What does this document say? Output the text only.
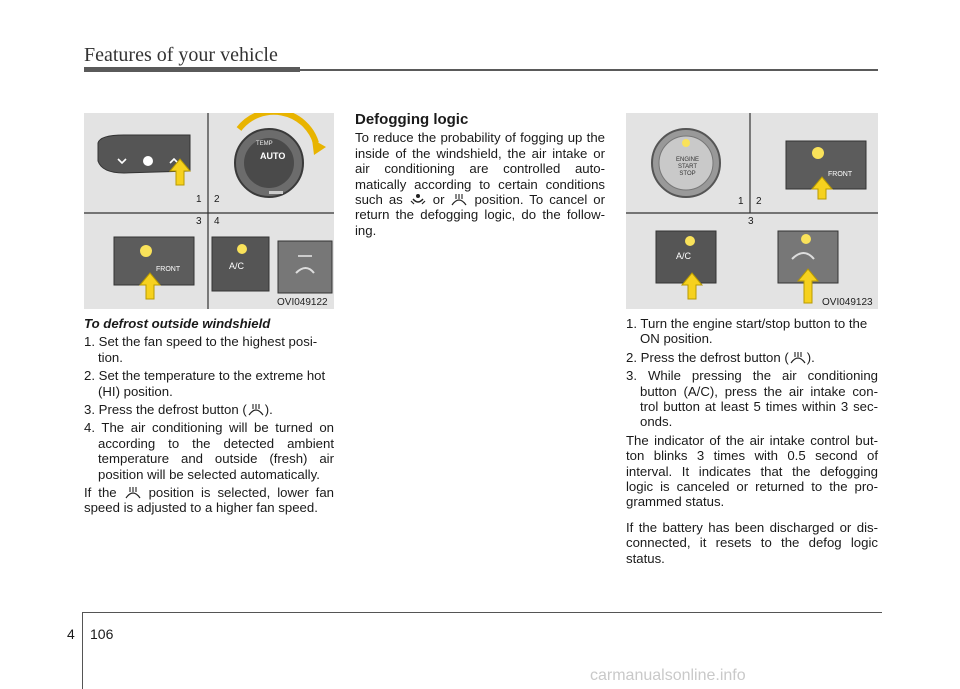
Features of your vehicle
AUTO
TEMP
FRONT	A/C
1 2
3 4
OVI049122
ENGINE
START
STOP	FRONT
A/C
1 2
3
OVI049123

To defrost outside windshield

1. Set the fan speed to the highest posi- tion.

2. Set the temperature to the extreme hot (HI) position.

3. Press the defrost button ( ).

4. The air conditioning will be turned on according to the detected ambient temperature and outside (fresh) air position will be selected automatically.

If the position is selected, lower fan speed is adjusted to a higher fan speed.

Defogging logic

To reduce the probability of fogging up the inside of the windshield, the air intake or air conditioning are controlled auto- matically according to certain conditions such as or position. To cancel or return the defogging logic, do the follow- ing.

1. Turn the engine start/stop button to the ON position.

2. Press the defrost button ( ).

3. While pressing the air conditioning button (A/C), press the air intake con- trol button at least 5 times within 3 sec- onds.

The indicator of the air intake control but- ton blinks 3 times with 0.5 second of interval. It indicates that the defogging logic is canceled or returned to the pro- grammed status.

If the battery has been discharged or dis- connected, it resets to the defog logic status.

4 106
carmanualsonline.info
